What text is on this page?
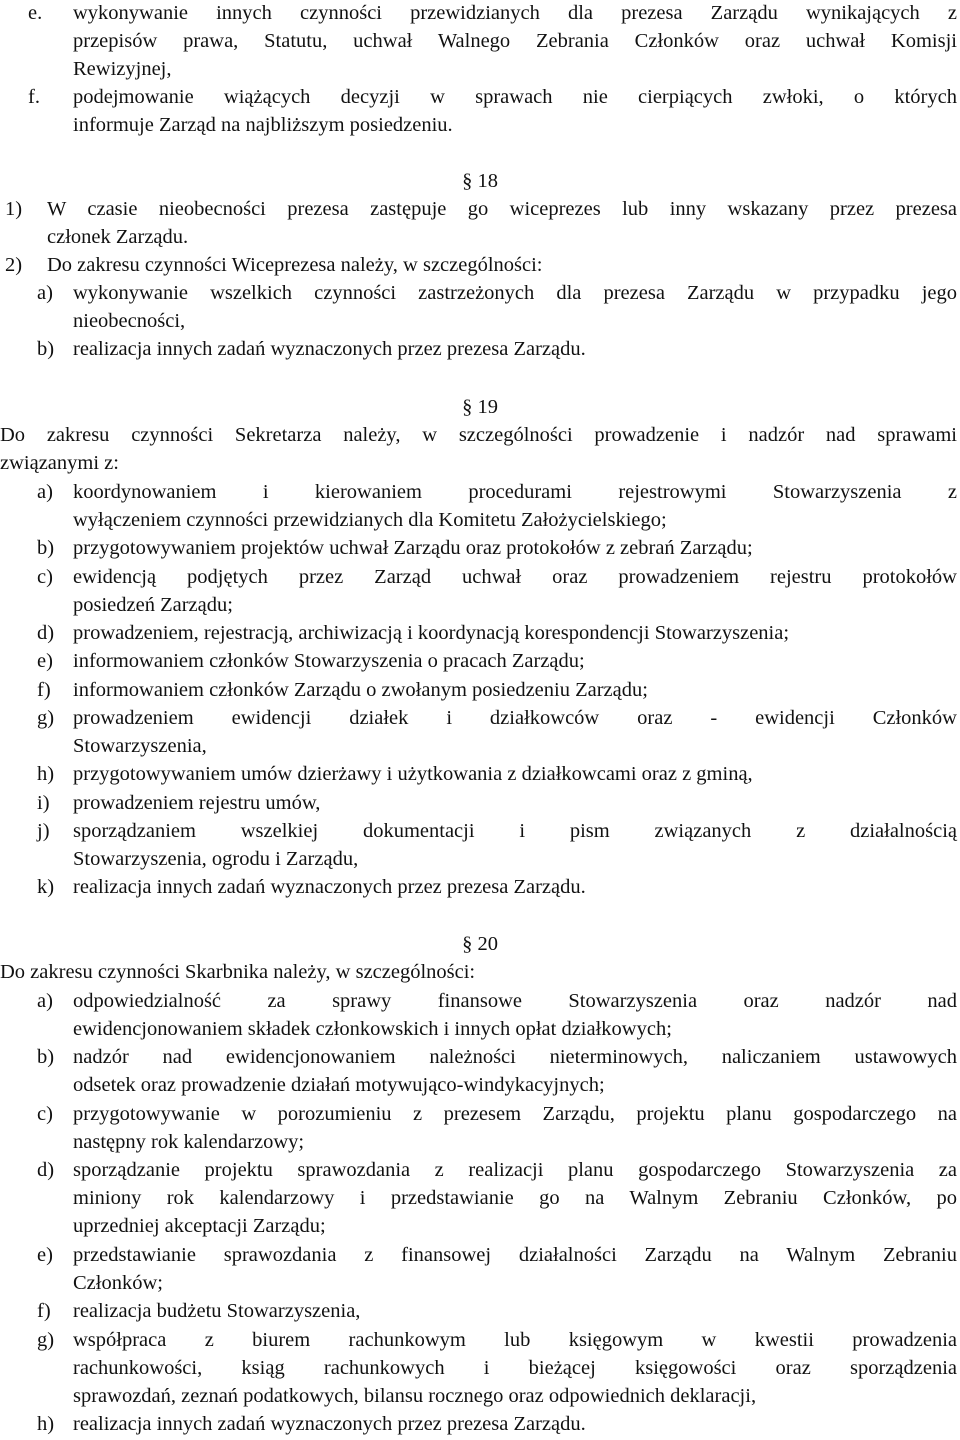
e. wykonywanie innych czynności przewidzianych dla prezesa Zarządu wynikających z
przepisów prawa, Statutu, uchwał Walnego Zebrania Członków oraz uchwał Komisji
Rewizyjnej,
f. podejmowanie wiążących decyzji w sprawach nie cierpiących zwłoki, o których
informuje Zarząd na najbliższym posiedzeniu.
§ 18
1) W czasie nieobecności prezesa zastępuje go wiceprezes lub inny wskazany przez prezesa
członek Zarządu.
2) Do zakresu czynności Wiceprezesa należy, w szczególności:
a) wykonywanie wszelkich czynności zastrzeżonych dla prezesa Zarządu w przypadku jego
nieobecności,
b) realizacja innych zadań wyznaczonych przez prezesa Zarządu.
§ 19
Do zakresu czynności Sekretarza należy, w szczególności prowadzenie i nadzór nad sprawami
związanymi z:
a) koordynowaniem i kierowaniem procedurami rejestrowymi Stowarzyszenia z
wyłączeniem czynności przewidzianych dla Komitetu Założycielskiego;
b) przygotowywaniem projektów uchwał Zarządu oraz protokołów z zebrań Zarządu;
c) ewidencją podjętych przez Zarząd uchwał oraz prowadzeniem rejestru protokołów
posiedzeń Zarządu;
d) prowadzeniem, rejestracją, archiwizacją i koordynacją korespondencji Stowarzyszenia;
e) informowaniem członków Stowarzyszenia o pracach Zarządu;
f) informowaniem członków Zarządu o zwołanym posiedzeniu Zarządu;
g) prowadzeniem ewidencji działek i działkowców oraz - ewidencji Członków
Stowarzyszenia,
h) przygotowywaniem umów dzierżawy i użytkowania z działkowcami oraz z gminą,
i) prowadzeniem rejestru umów,
j) sporządzaniem wszelkiej dokumentacji i pism związanych z działalnością
Stowarzyszenia, ogrodu i Zarządu,
k) realizacja innych zadań wyznaczonych przez prezesa Zarządu.
§ 20
Do zakresu czynności Skarbnika należy, w szczególności:
a) odpowiedzialność za sprawy finansowe Stowarzyszenia oraz nadzór nad
ewidencjonowaniem składek członkowskich i innych opłat działkowych;
b) nadzór nad ewidencjonowaniem należności nieterminowych, naliczaniem ustawowych
odsetek oraz prowadzenie działań motywująco-windykacyjnych;
c) przygotowywanie w porozumieniu z prezesem Zarządu, projektu planu gospodarczego na
następny rok kalendarzowy;
d) sporządzanie projektu sprawozdania z realizacji planu gospodarczego Stowarzyszenia za
miniony rok kalendarzowy i przedstawianie go na Walnym Zebraniu Członków, po
uprzedniej akceptacji Zarządu;
e) przedstawianie sprawozdania z finansowej działalności Zarządu na Walnym Zebraniu
Członków;
f) realizacja budżetu Stowarzyszenia,
g) współpraca z biurem rachunkowym lub księgowym w kwestii prowadzenia
rachunkowości, ksiąg rachunkowych i bieżącej księgowości oraz sporządzenia
sprawozdań, zeznań podatkowych, bilansu rocznego oraz odpowiednich deklaracji,
h) realizacja innych zadań wyznaczonych przez prezesa Zarządu.
